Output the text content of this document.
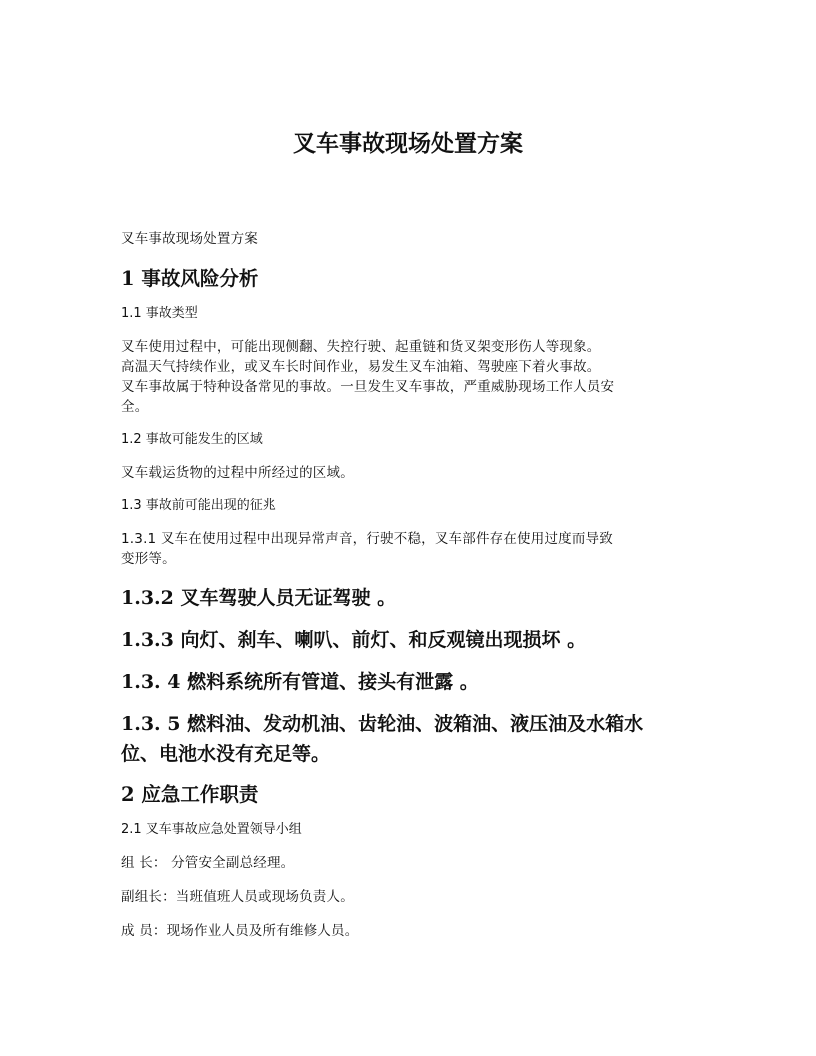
叉车事故现场处置方案

叉车事故现场处置方案

1 事故风险分析

1.1 事故类型

叉车使用过程中，可能出现侧翻、失控行驶、起重链和货叉架变形伤人等现象。
高温天气持续作业，或叉车长时间作业，易发生叉车油箱、驾驶座下着火事故。
叉车事故属于特种设备常见的事故。一旦发生叉车事故，严重威胁现场工作人员安
全。

1.2 事故可能发生的区域

叉车载运货物的过程中所经过的区域。

1.3 事故前可能出现的征兆

1.3.1 叉车在使用过程中出现异常声音，行驶不稳，叉车部件存在使用过度而导致
变形等。

1.3.2 叉车驾驶人员无证驾驶 。
1.3.3 向灯、刹车、喇叭、前灯、和反观镜出现损坏 。
1.3. 4 燃料系统所有管道、接头有泄露 。
1.3. 5 燃料油、发动机油、齿轮油、波箱油、液压油及水箱水
位、电池水没有充足等。
2 应急工作职责

2.1 叉车事故应急处置领导小组

组 长： 分管安全副总经理。

副组长：当班值班人员或现场负责人。

成 员：现场作业人员及所有维修人员。
